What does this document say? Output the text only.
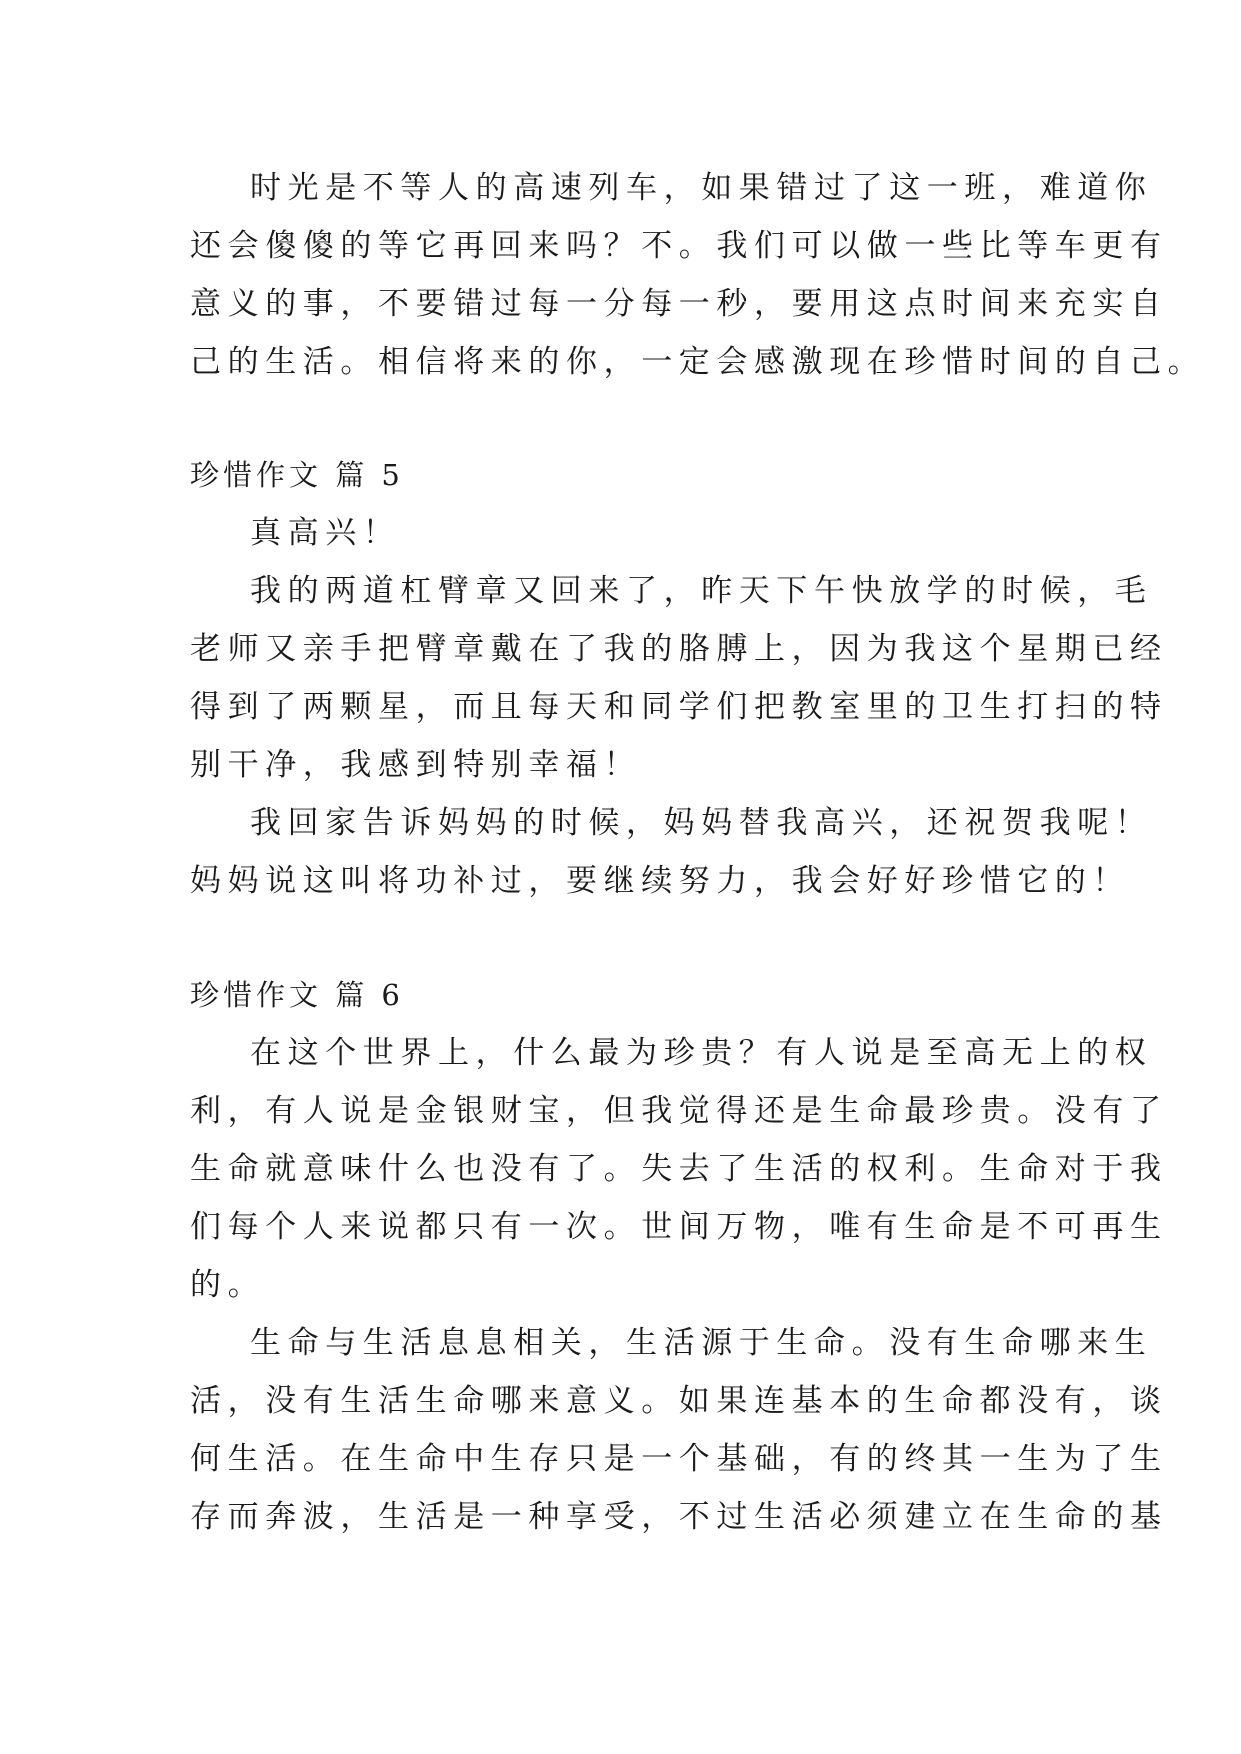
时光是不等人的高速列车，如果错过了这一班，难道你
还会傻傻的等它再回来吗？不。我们可以做一些比等车更有
意义的事，不要错过每一分每一秒，要用这点时间来充实自
己的生活。相信将来的你，一定会感激现在珍惜时间的自己。
珍惜作文 篇 5
真高兴！
我的两道杠臂章又回来了，昨天下午快放学的时候，毛
老师又亲手把臂章戴在了我的胳膊上，因为我这个星期已经
得到了两颗星，而且每天和同学们把教室里的卫生打扫的特
别干净，我感到特别幸福！
我回家告诉妈妈的时候，妈妈替我高兴，还祝贺我呢！
妈妈说这叫将功补过，要继续努力，我会好好珍惜它的！
珍惜作文 篇 6
在这个世界上，什么最为珍贵？有人说是至高无上的权
利，有人说是金银财宝，但我觉得还是生命最珍贵。没有了
生命就意味什么也没有了。失去了生活的权利。生命对于我
们每个人来说都只有一次。世间万物，唯有生命是不可再生
的。
生命与生活息息相关，生活源于生命。没有生命哪来生
活，没有生活生命哪来意义。如果连基本的生命都没有，谈
何生活。在生命中生存只是一个基础，有的终其一生为了生
存而奔波，生活是一种享受，不过生活必须建立在生命的基
